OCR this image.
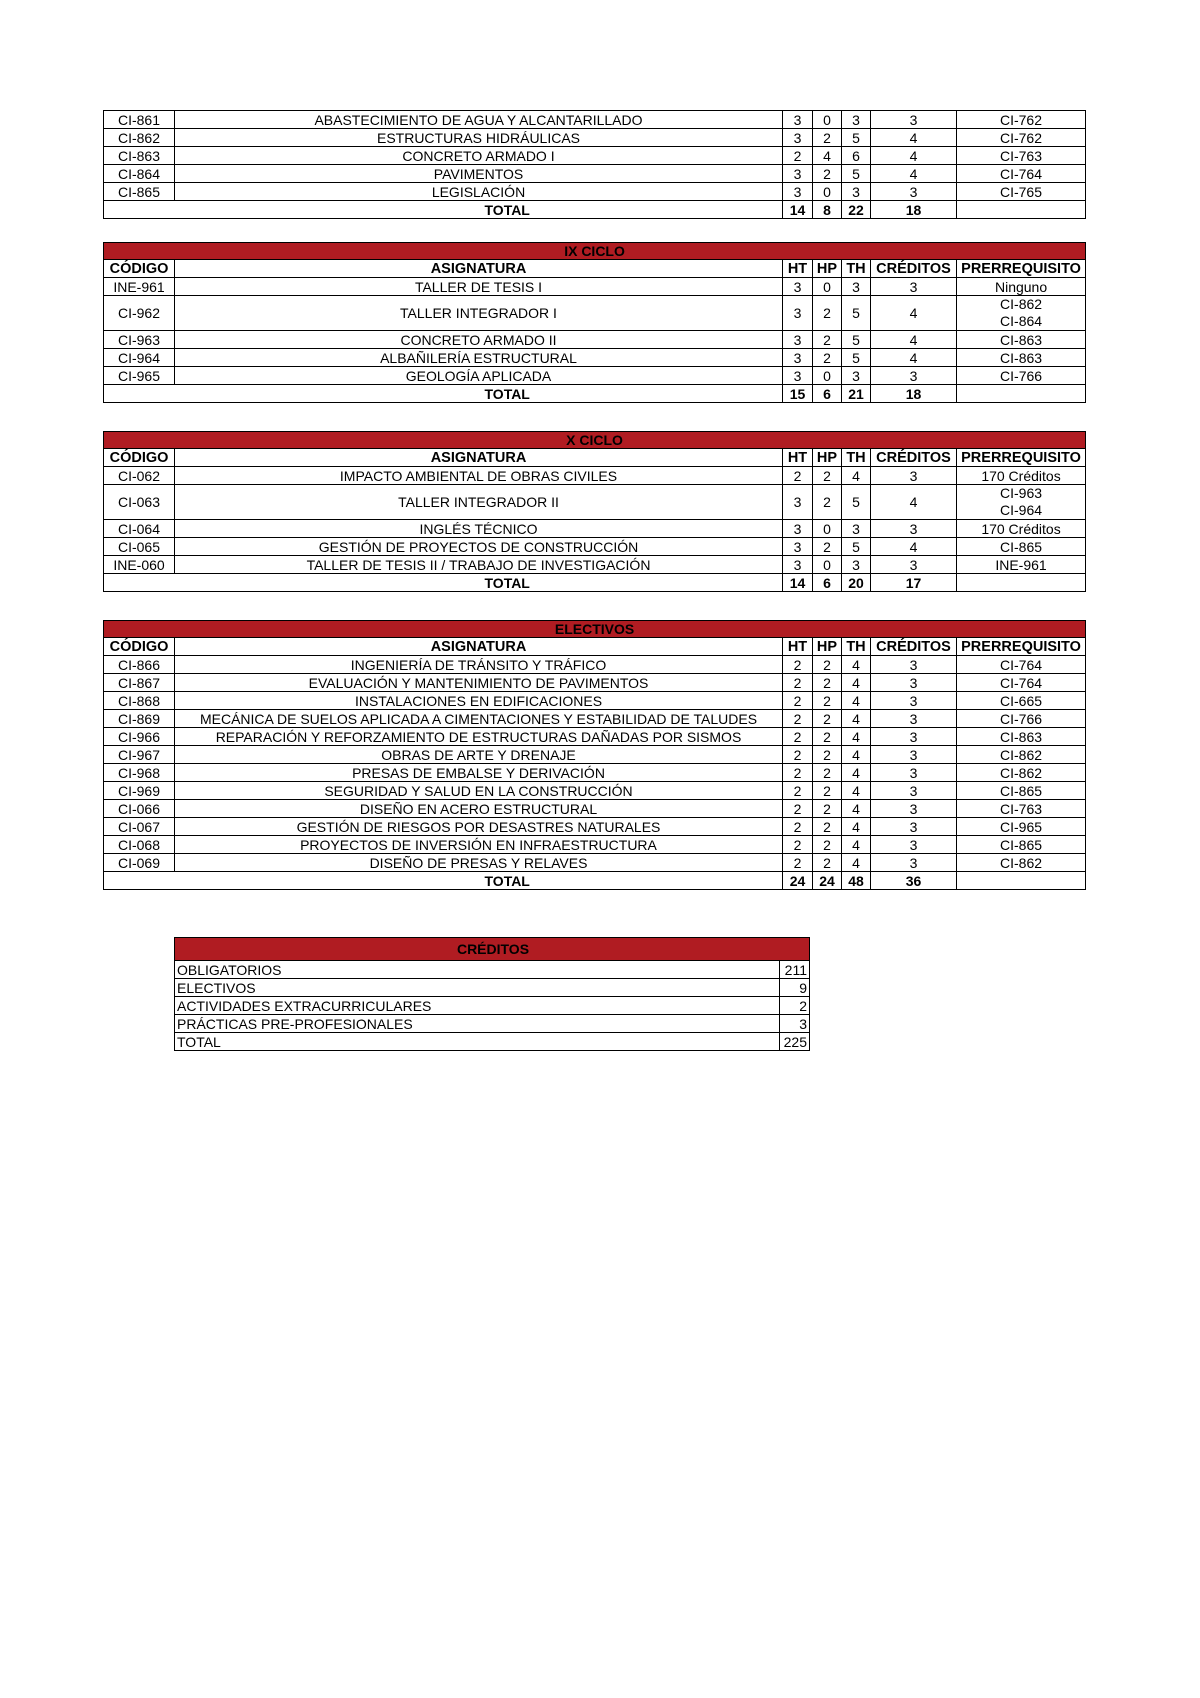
CI-861	ABASTECIMIENTO DE AGUA Y ALCANTARILLADO	3	0	3	3	CI-762
CI-862	ESTRUCTURAS HIDRÁULICAS	3	2	5	4	CI-762
CI-863	CONCRETO ARMADO I	2	4	6	4	CI-763
CI-864	PAVIMENTOS	3	2	5	4	CI-764
CI-865	LEGISLACIÓN	3	0	3	3	CI-765
	TOTAL	14	8	22	18	
IX CICLO						
CÓDIGO	ASIGNATURA	HT	HP	TH	CRÉDITOS	PRERREQUISITO
INE-961	TALLER DE TESIS I	3	0	3	3	Ninguno
CI-962	TALLER INTEGRADOR I	3	2	5	4	CI-862
CI-864

CI-963	CONCRETO ARMADO II	3	2	5	4	CI-863
CI-964	ALBAÑILERÍA ESTRUCTURAL	3	2	5	4	CI-863
CI-965	GEOLOGÍA APLICADA	3	0	3	3	CI-766
	TOTAL	15	6	21	18	
X CICLO						
CÓDIGO	ASIGNATURA	HT	HP	TH	CRÉDITOS	PRERREQUISITO
CI-062	IMPACTO AMBIENTAL DE OBRAS CIVILES	2	2	4	3	170 Créditos
CI-063	TALLER INTEGRADOR II	3	2	5	4	CI-963
CI-964

CI-064	INGLÉS TÉCNICO	3	0	3	3	170 Créditos
CI-065	GESTIÓN DE PROYECTOS DE CONSTRUCCIÓN	3	2	5	4	CI-865
INE-060	TALLER DE TESIS II / TRABAJO DE INVESTIGACIÓN	3	0	3	3	INE-961
	TOTAL	14	6	20	17	
ELECTIVOS						
CÓDIGO	ASIGNATURA	HT	HP	TH	CRÉDITOS	PRERREQUISITO
CI-866	INGENIERÍA DE TRÁNSITO Y TRÁFICO	2	2	4	3	CI-764
CI-867	EVALUACIÓN Y MANTENIMIENTO DE PAVIMENTOS	2	2	4	3	CI-764
CI-868	INSTALACIONES EN EDIFICACIONES	2	2	4	3	CI-665
CI-869	MECÁNICA DE SUELOS APLICADA A CIMENTACIONES Y ESTABILIDAD DE TALUDES	2	2	4	3	CI-766
CI-966	REPARACIÓN Y REFORZAMIENTO DE ESTRUCTURAS DAÑADAS POR SISMOS	2	2	4	3	CI-863
CI-967	OBRAS DE ARTE Y DRENAJE	2	2	4	3	CI-862
CI-968	PRESAS DE EMBALSE Y DERIVACIÓN	2	2	4	3	CI-862
CI-969	SEGURIDAD Y SALUD EN LA CONSTRUCCIÓN	2	2	4	3	CI-865
CI-066	DISEÑO EN ACERO ESTRUCTURAL	2	2	4	3	CI-763
CI-067	GESTIÓN DE RIESGOS POR DESASTRES NATURALES	2	2	4	3	CI-965
CI-068	PROYECTOS DE INVERSIÓN EN INFRAESTRUCTURA	2	2	4	3	CI-865
CI-069	DISEÑO DE PRESAS Y RELAVES	2	2	4	3	CI-862
	TOTAL	24	24	48	36	
CRÉDITOS	
OBLIGATORIOS	211
ELECTIVOS	9
ACTIVIDADES EXTRACURRICULARES	2
PRÁCTICAS PRE-PROFESIONALES	3
TOTAL	225
